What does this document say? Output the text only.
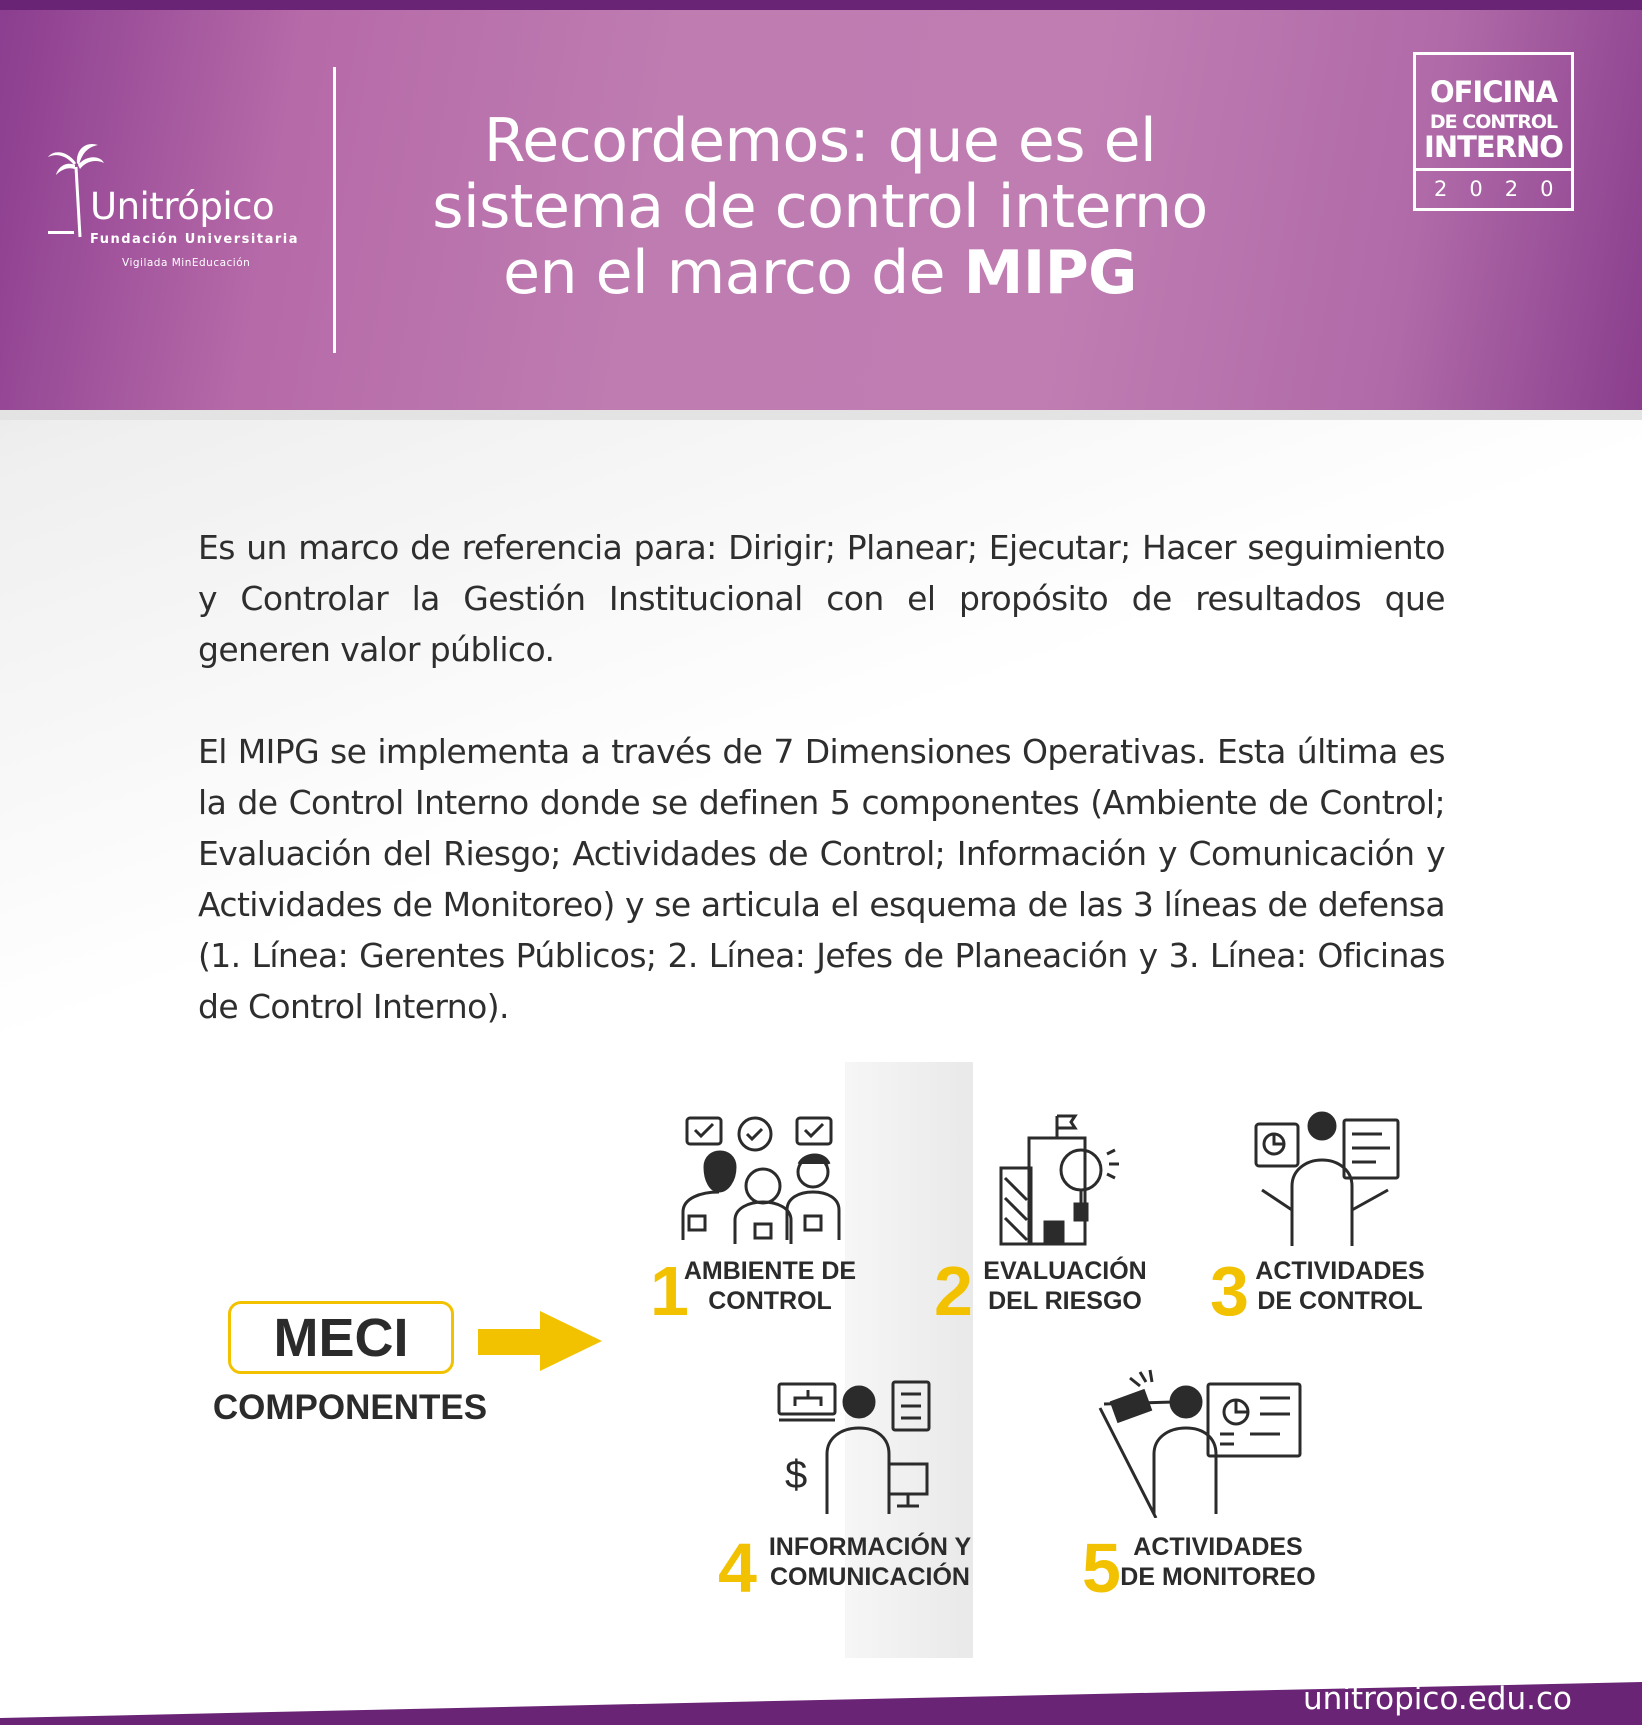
Unitrópico
Fundación Universitaria
Vigilada MinEducación
Recordemos: que es el
sistema de control interno
en el marco de MIPG
OFICINA
DE CONTROL
INTERNO
2020

Es un marco de referencia para: Dirigir; Planear; Ejecutar; Hacer seguimiento y Controlar la Gestión Institucional con el propósito de resultados que generen valor público.

El MIPG se implementa a través de 7 Dimensiones Operativas. Esta última es la de Control Interno donde se definen 5 componentes (Ambiente de Control; Evaluación del Riesgo; Actividades de Control; Información y Comunicación y Actividades de Monitoreo) y se articula el esquema de las 3 líneas de defensa (1. Línea: Gerentes Públicos; 2. Línea: Jefes de Planeación y 3. Línea: Oficinas de Control Interno).

MECI
COMPONENTES
1
AMBIENTE DE
CONTROL	2 EVALUACIÓN
DEL RIESGO 3 ACTIVIDADES
DE CONTROL
$
4 INFORMACIÓN Y
COMUNICACIÓN 5 ACTIVIDADES
DE MONITOREO
unitropico.edu.co
